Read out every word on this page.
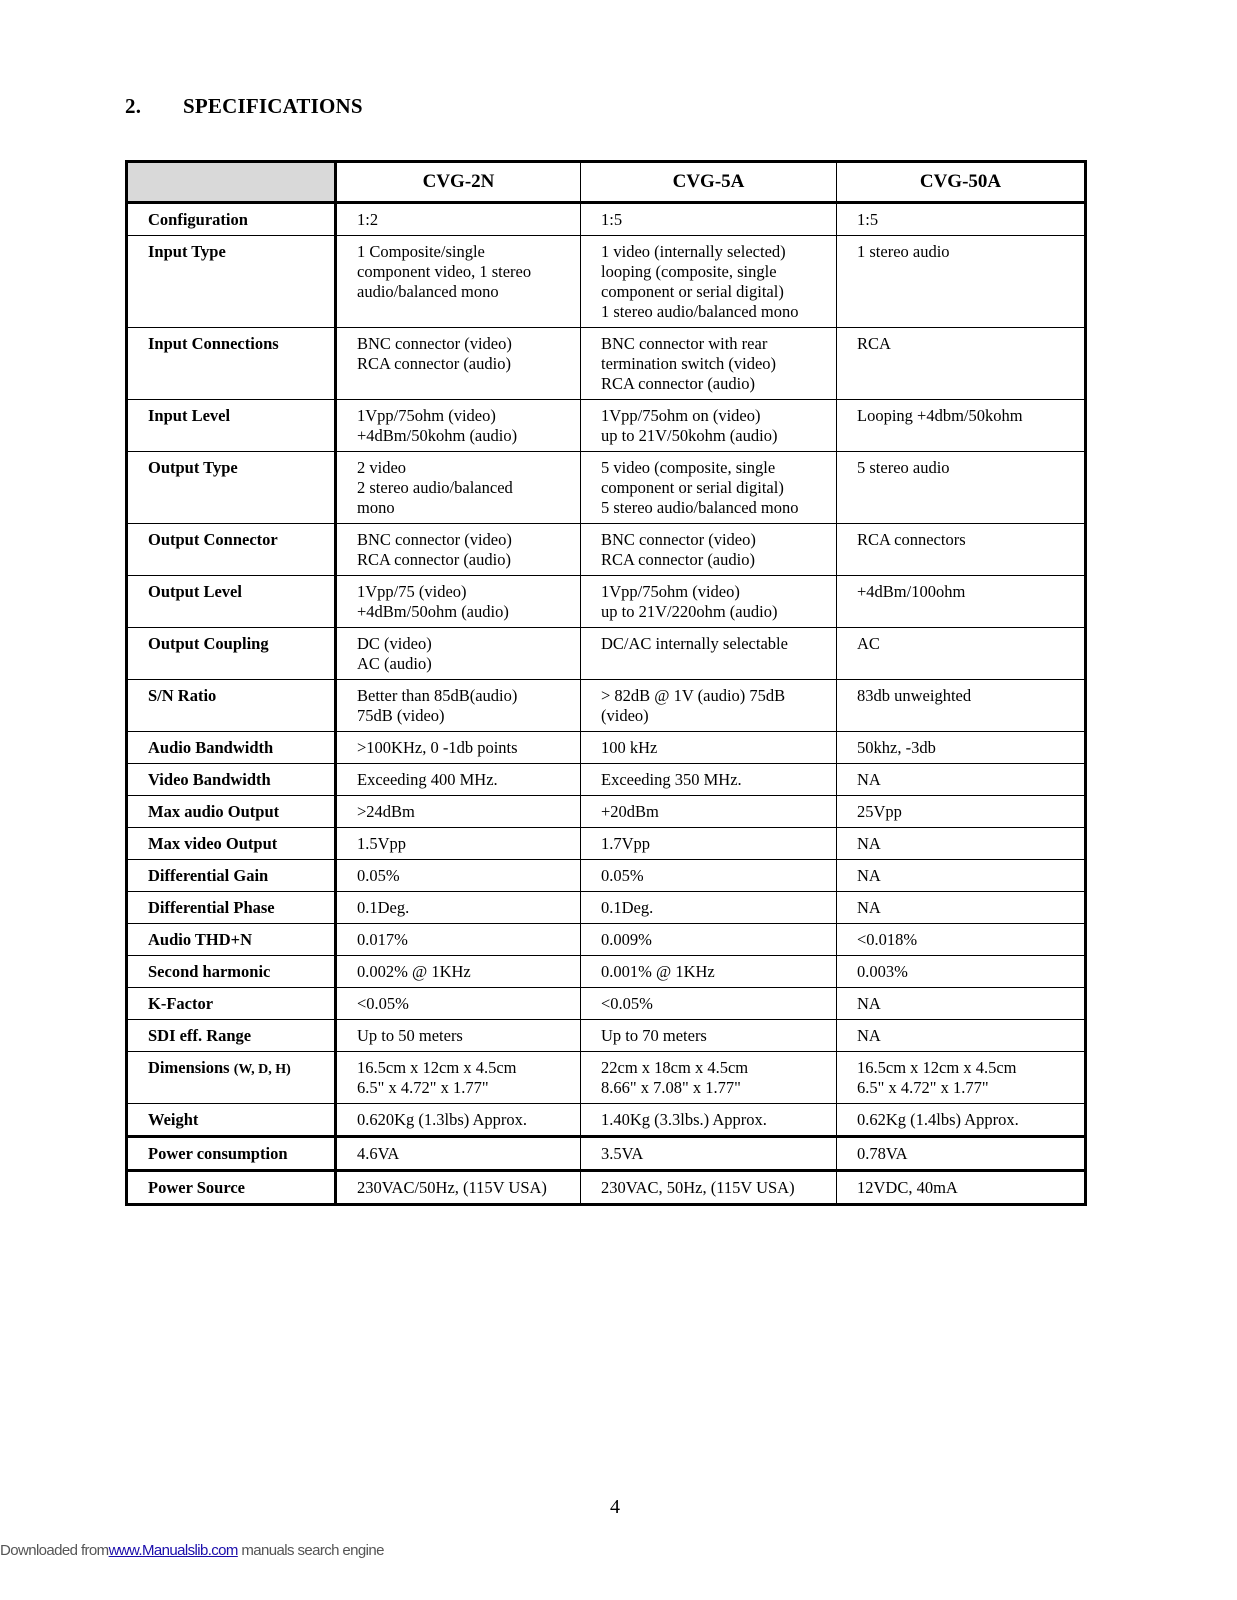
2.	SPECIFICATIONS
	CVG-2N	CVG-5A	CVG-50A
Configuration	1:2	1:5	1:5
Input Type	1 Composite/single
component video, 1 stereo
audio/balanced mono	1 video (internally selected)
looping (composite, single
component or serial digital)
1 stereo audio/balanced mono	1 stereo audio
Input Connections	BNC connector (video)
RCA connector (audio)	BNC connector with rear
termination switch (video)
RCA connector (audio)	RCA
Input Level	1Vpp/75ohm (video)
+4dBm/50kohm (audio)	1Vpp/75ohm on (video)
up to 21V/50kohm (audio)	Looping +4dbm/50kohm
Output Type	2 video
2 stereo audio/balanced
mono	5 video (composite, single
component or serial digital)
5 stereo audio/balanced mono	5 stereo audio
Output Connector	BNC connector (video)
RCA connector (audio)	BNC connector (video)
RCA connector (audio)	RCA connectors
Output Level	1Vpp/75 (video)
+4dBm/50ohm (audio)	1Vpp/75ohm (video)
up to 21V/220ohm (audio)	+4dBm/100ohm
Output Coupling	DC (video)
AC (audio)	DC/AC internally selectable	AC
S/N Ratio	Better than 85dB(audio)
75dB (video)	> 82dB @ 1V (audio) 75dB
(video)	83db unweighted
Audio Bandwidth	>100KHz, 0 -1db points	100 kHz	50khz, -3db
Video Bandwidth	Exceeding 400 MHz.	Exceeding 350 MHz.	NA
Max audio Output	>24dBm	+20dBm	25Vpp
Max video Output	1.5Vpp	1.7Vpp	NA
Differential Gain	0.05%	0.05%	NA
Differential Phase	0.1Deg.	0.1Deg.	NA
Audio THD+N	0.017%	0.009%	<0.018%
Second harmonic	0.002% @ 1KHz	0.001% @ 1KHz	0.003%
K-Factor	<0.05%	<0.05%	NA
SDI eff. Range	Up to 50 meters	Up to 70 meters	NA
Dimensions (W, D, H)	16.5cm x 12cm x 4.5cm
6.5" x 4.72" x 1.77"	22cm x 18cm x 4.5cm
8.66" x 7.08" x 1.77"	16.5cm x 12cm x 4.5cm
6.5" x 4.72" x 1.77"
Weight	0.620Kg (1.3lbs) Approx.	1.40Kg (3.3lbs.) Approx.	0.62Kg (1.4lbs) Approx.
Power consumption	4.6VA	3.5VA	0.78VA
Power Source	230VAC/50Hz, (115V USA)	230VAC, 50Hz, (115V USA)	12VDC, 40mA
4
Downloaded fromwww.Manualslib.com manuals search engine
